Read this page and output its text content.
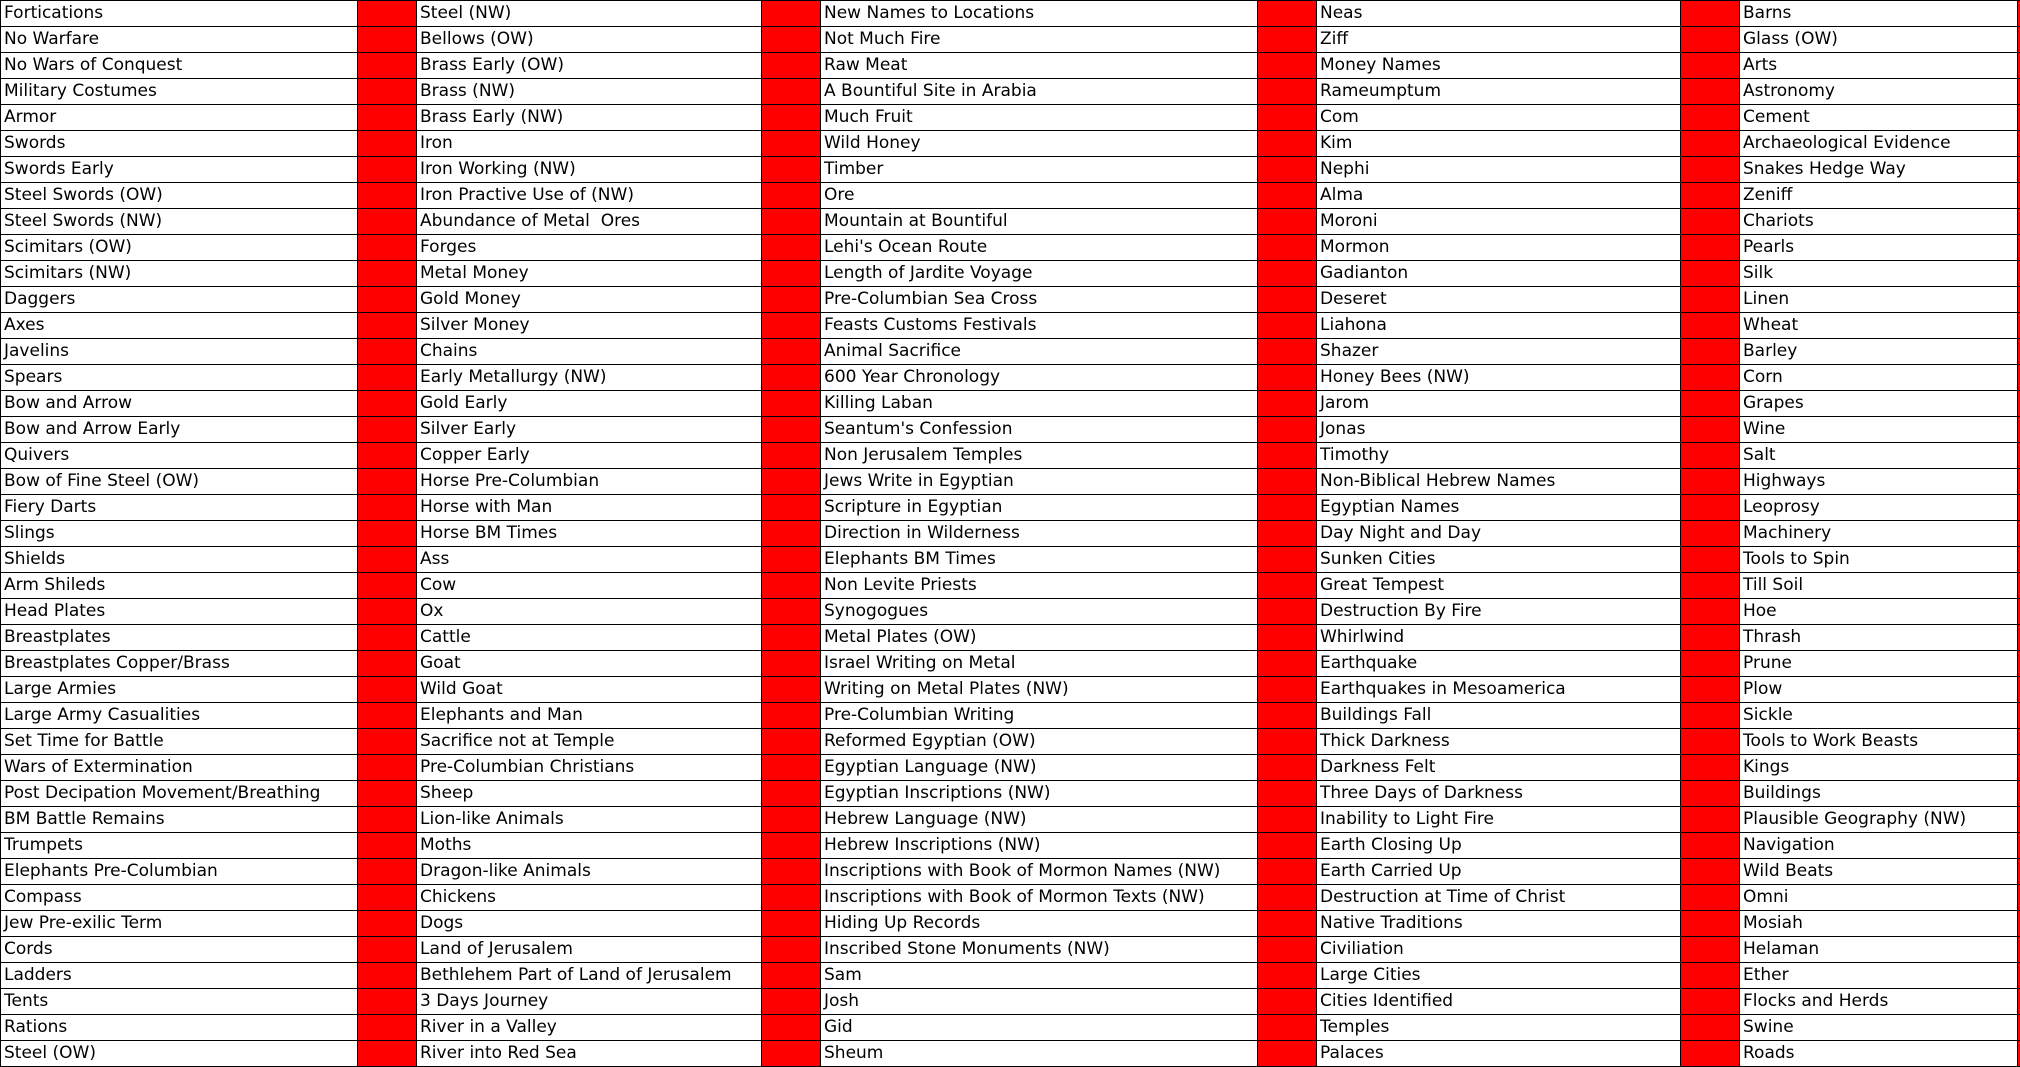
Fortications	Steel (NW)	New Names to Locations	Neas	Barns
No Warfare	Bellows (OW)	Not Much Fire	Ziff	Glass (OW)
No Wars of Conquest	Brass Early (OW)	Raw Meat	Money Names	Arts
Military Costumes	Brass (NW)	A Bountiful Site in Arabia	Rameumptum	Astronomy
Armor	Brass Early (NW)	Much Fruit	Com	Cement
Swords	Iron	Wild Honey	Kim	Archaeological Evidence
Swords Early	Iron Working (NW)	Timber	Nephi	Snakes Hedge Way
Steel Swords (OW)	Iron Practive Use of (NW)	Ore	Alma	Zeniff
Steel Swords (NW)	Abundance of Metal  Ores	Mountain at Bountiful	Moroni	Chariots
Scimitars (OW)	Forges	Lehi's Ocean Route	Mormon	Pearls
Scimitars (NW)	Metal Money	Length of Jardite Voyage	Gadianton	Silk
Daggers	Gold Money	Pre-Columbian Sea Cross	Deseret	Linen
Axes	Silver Money	Feasts Customs Festivals	Liahona	Wheat
Javelins	Chains	Animal Sacrifice	Shazer	Barley
Spears	Early Metallurgy (NW)	600 Year Chronology	Honey Bees (NW)	Corn
Bow and Arrow	Gold Early	Killing Laban	Jarom	Grapes
Bow and Arrow Early	Silver Early	Seantum's Confession	Jonas	Wine
Quivers	Copper Early	Non Jerusalem Temples	Timothy	Salt
Bow of Fine Steel (OW)	Horse Pre-Columbian	Jews Write in Egyptian	Non-Biblical Hebrew Names	Highways
Fiery Darts	Horse with Man	Scripture in Egyptian	Egyptian Names	Leoprosy
Slings	Horse BM Times	Direction in Wilderness	Day Night and Day	Machinery
Shields	Ass	Elephants BM Times	Sunken Cities	Tools to Spin
Arm Shileds	Cow	Non Levite Priests	Great Tempest	Till Soil
Head Plates	Ox	Synogogues	Destruction By Fire	Hoe
Breastplates	Cattle	Metal Plates (OW)	Whirlwind	Thrash
Breastplates Copper/Brass	Goat	Israel Writing on Metal	Earthquake	Prune
Large Armies	Wild Goat	Writing on Metal Plates (NW)	Earthquakes in Mesoamerica	Plow
Large Army Casualities	Elephants and Man	Pre-Columbian Writing	Buildings Fall	Sickle
Set Time for Battle	Sacrifice not at Temple	Reformed Egyptian (OW)	Thick Darkness	Tools to Work Beasts
Wars of Extermination	Pre-Columbian Christians	Egyptian Language (NW)	Darkness Felt	Kings
Post Decipation Movement/Breathing	Sheep	Egyptian Inscriptions (NW)	Three Days of Darkness	Buildings
BM Battle Remains	Lion-like Animals	Hebrew Language (NW)	Inability to Light Fire	Plausible Geography (NW)
Trumpets	Moths	Hebrew Inscriptions (NW)	Earth Closing Up	Navigation
Elephants Pre-Columbian	Dragon-like Animals	Inscriptions with Book of Mormon Names (NW)	Earth Carried Up	Wild Beats
Compass	Chickens	Inscriptions with Book of Mormon Texts (NW)	Destruction at Time of Christ	Omni
Jew Pre-exilic Term	Dogs	Hiding Up Records	Native Traditions	Mosiah
Cords	Land of Jerusalem	Inscribed Stone Monuments (NW)	Civiliation	Helaman
Ladders	Bethlehem Part of Land of Jerusalem	Sam	Large Cities	Ether
Tents	3 Days Journey	Josh	Cities Identified	Flocks and Herds
Rations	River in a Valley	Gid	Temples	Swine
Steel (OW)	River into Red Sea	Sheum	Palaces	Roads
